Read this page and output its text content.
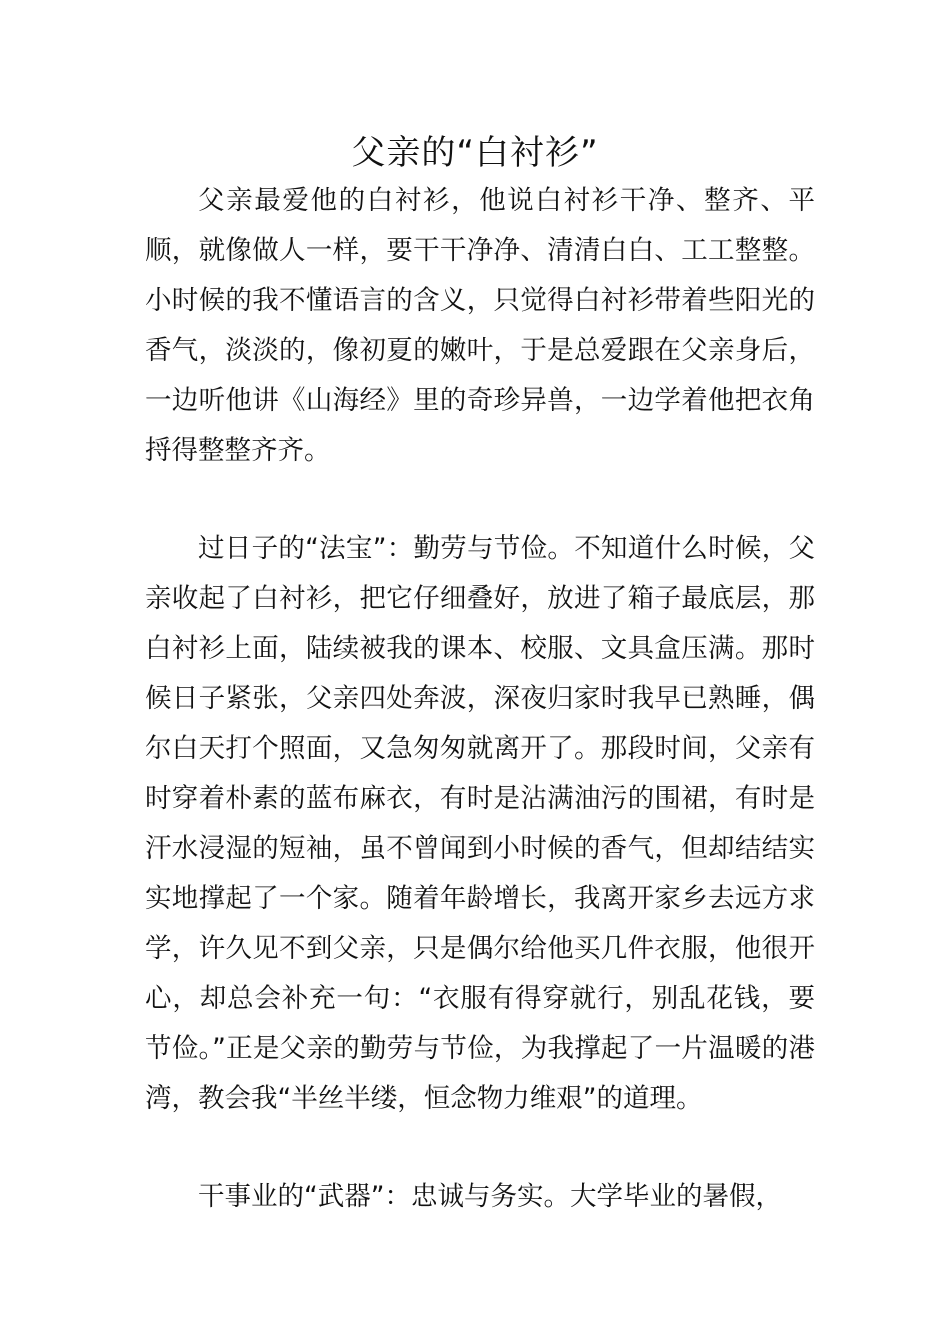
父亲的“白衬衫”

父亲最爱他的白衬衫，他说白衬衫干净、整齐、平顺，就像做人一样，要干干净净、清清白白、工工整整。小时候的我不懂语言的含义，只觉得白衬衫带着些阳光的香气，淡淡的，像初夏的嫩叶，于是总爱跟在父亲身后，一边听他讲《山海经》里的奇珍异兽，一边学着他把衣角捋得整整齐齐。

过日子的“法宝”：勤劳与节俭。不知道什么时候，父亲收起了白衬衫，把它仔细叠好，放进了箱子最底层，那白衬衫上面，陆续被我的课本、校服、文具盒压满。那时候日子紧张，父亲四处奔波，深夜归家时我早已熟睡，偶尔白天打个照面，又急匆匆就离开了。那段时间，父亲有时穿着朴素的蓝布麻衣，有时是沾满油污的围裙，有时是汗水浸湿的短袖，虽不曾闻到小时候的香气，但却结结实实地撑起了一个家。随着年龄增长，我离开家乡去远方求学，许久见不到父亲，只是偶尔给他买几件衣服，他很开心，却总会补充一句：“衣服有得穿就行，别乱花钱，要节俭。”正是父亲的勤劳与节俭，为我撑起了一片温暖的港湾，教会我“半丝半缕，恒念物力维艰”的道理。

干事业的“武器”：忠诚与务实。大学毕业的暑假，
